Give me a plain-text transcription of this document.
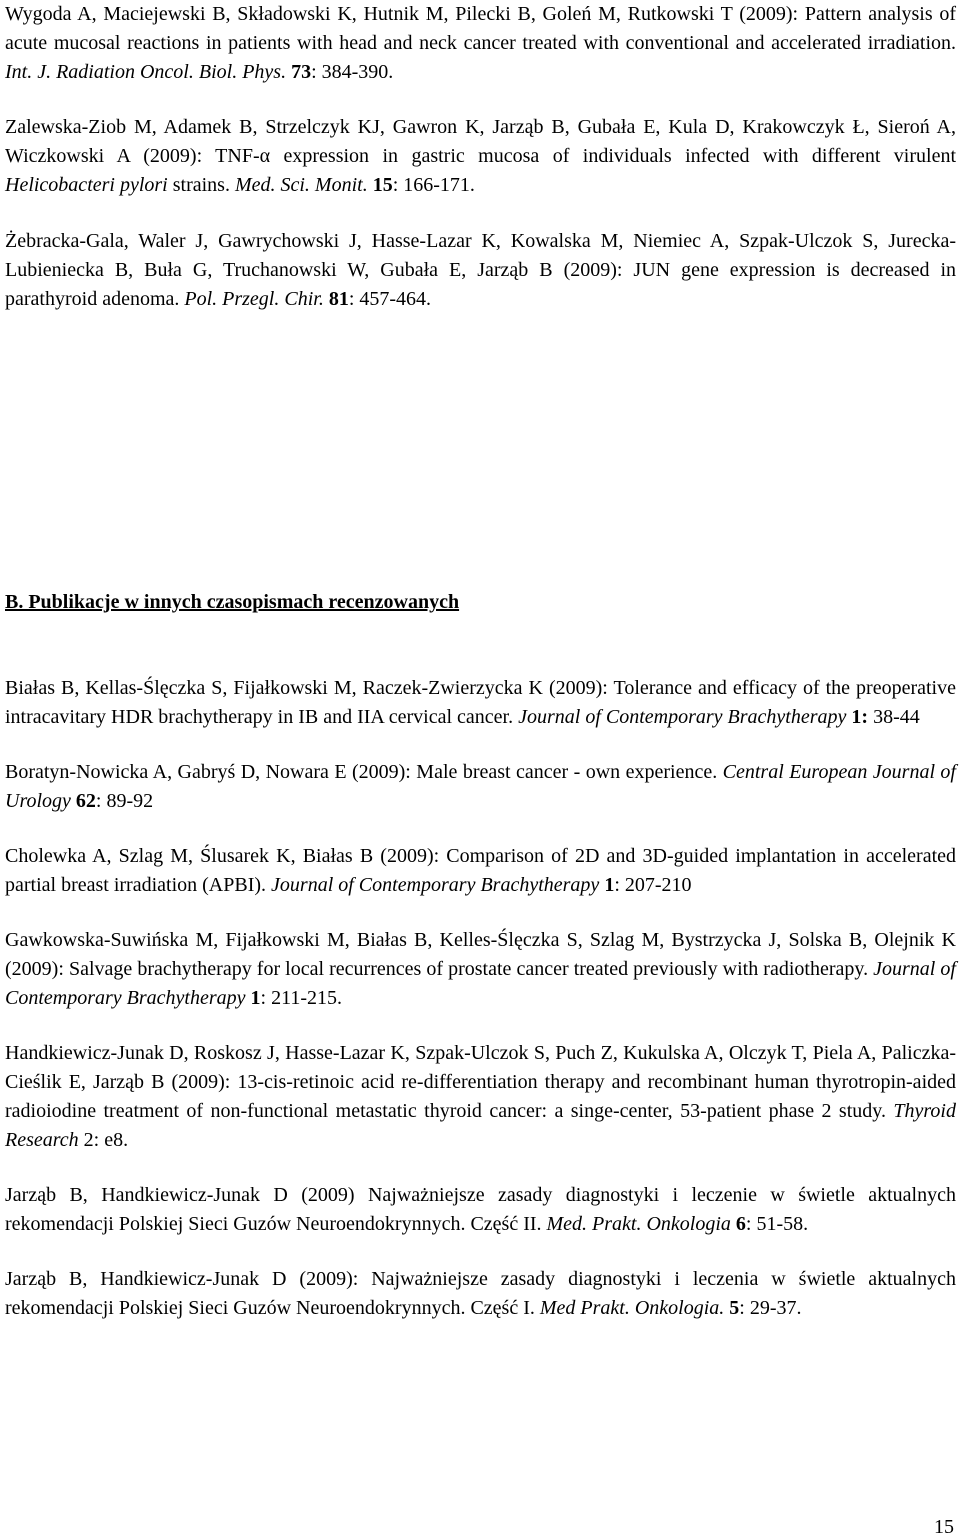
Wygoda A, Maciejewski B, Składowski K, Hutnik M, Pilecki B, Goleń M, Rutkowski T (2009): Pattern analysis of acute mucosal reactions in patients with head and neck cancer treated with conventional and accelerated irradiation. Int. J. Radiation Oncol. Biol. Phys. 73: 384-390.

Zalewska-Ziob M, Adamek B, Strzelczyk KJ, Gawron K, Jarząb B, Gubała E, Kula D, Krakowczyk Ł, Sieroń A, Wiczkowski A (2009): TNF-α expression in gastric mucosa of individuals infected with different virulent Helicobacteri pylori strains. Med. Sci. Monit. 15: 166-171.

Żebracka-Gala, Waler J, Gawrychowski J, Hasse-Lazar K, Kowalska M, Niemiec A, Szpak-Ulczok S, Jurecka-Lubieniecka B, Buła G, Truchanowski W, Gubała E, Jarząb B (2009): JUN gene expression is decreased in parathyroid adenoma. Pol. Przegl. Chir. 81: 457-464.

B. Publikacje w innych czasopismach recenzowanych

Białas B, Kellas-Ślęczka S, Fijałkowski M, Raczek-Zwierzycka K (2009): Tolerance and efficacy of the preoperative intracavitary HDR brachytherapy in IB and IIA cervical cancer. Journal of Contemporary Brachytherapy 1: 38-44

Boratyn-Nowicka A, Gabryś D, Nowara E (2009): Male breast cancer - own experience. Central European Journal of Urology 62: 89-92

Cholewka A, Szlag M, Ślusarek K, Białas B (2009): Comparison of 2D and 3D-guided implantation in accelerated partial breast irradiation (APBI). Journal of Contemporary Brachytherapy 1: 207-210

Gawkowska-Suwińska M, Fijałkowski M, Białas B, Kelles-Ślęczka S, Szlag M, Bystrzycka J, Solska B, Olejnik K (2009): Salvage brachytherapy for local recurrences of prostate cancer treated previously with radiotherapy. Journal of Contemporary Brachytherapy 1: 211-215.

Handkiewicz-Junak D, Roskosz J, Hasse-Lazar K, Szpak-Ulczok S, Puch Z, Kukulska A, Olczyk T, Piela A, Paliczka-Cieślik E, Jarząb B (2009): 13-cis-retinoic acid re-differentiation therapy and recombinant human thyrotropin-aided radioiodine treatment of non-functional metastatic thyroid cancer: a singe-center, 53-patient phase 2 study. Thyroid Research 2: e8.

Jarząb B, Handkiewicz-Junak D (2009) Najważniejsze zasady diagnostyki i leczenie w świetle aktualnych rekomendacji Polskiej Sieci Guzów Neuroendokrynnych. Część II. Med. Prakt. Onkologia 6: 51-58.

Jarząb B, Handkiewicz-Junak D (2009): Najważniejsze zasady diagnostyki i leczenia w świetle aktualnych rekomendacji Polskiej Sieci Guzów Neuroendokrynnych. Część I. Med Prakt. Onkologia. 5: 29-37.

15
